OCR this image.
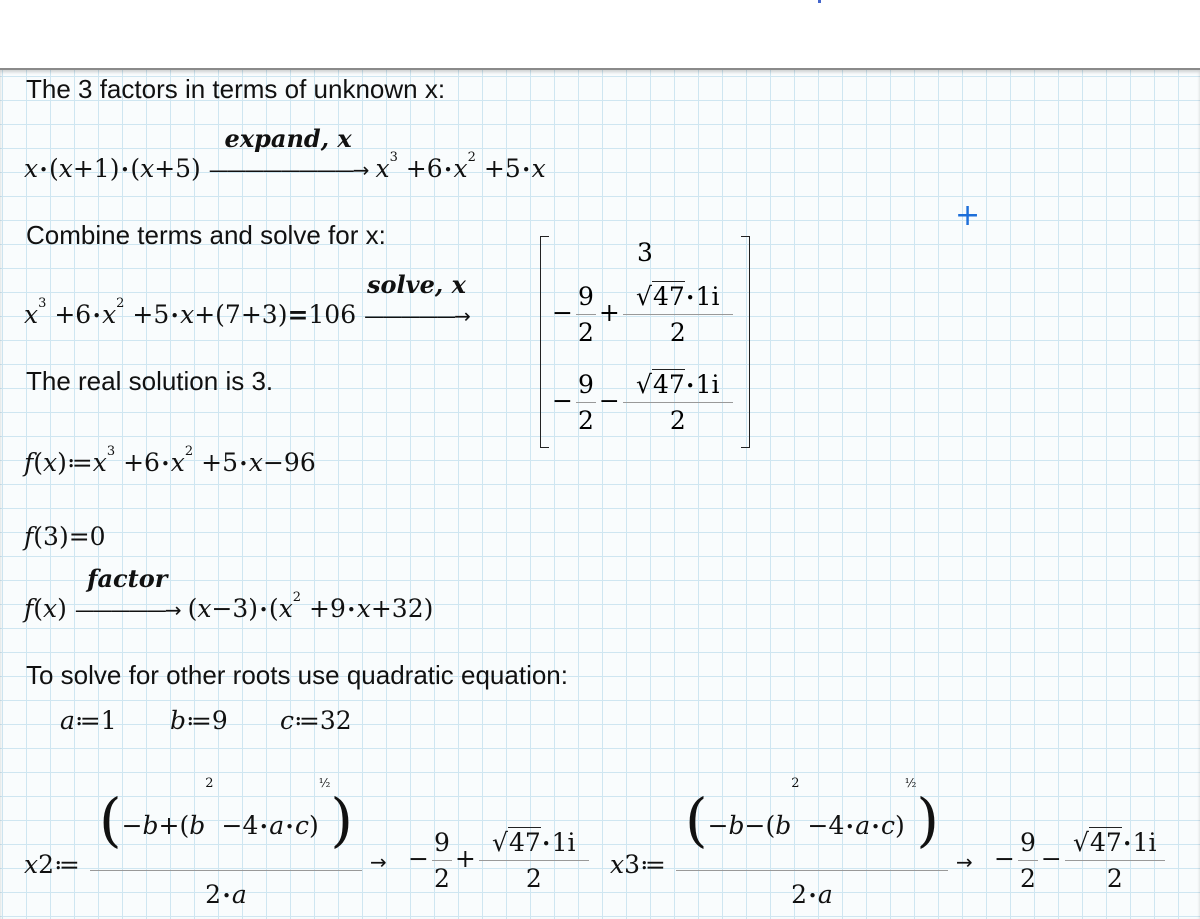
The 3 factors in terms of unknown x:
x•(x+1)•(x+5)
expand, x
————————→ $x^3$ $+6•x^2$ +5•x
Combine terms and solve for x:
$x^3$ $+6•x^2$ +5•x+(7+3)=106
solve, x
—————→
3
− $\frac{9}{2} + \frac{√47•1i}{2}$
− $\frac{9}{2} - \frac{√47•1i}{2}$
The real solution is 3.
$f(x)≔x^3$ $+6•x^2$ +5•x−96
f(3)=0
f(x)
factor
—————→ $(x-3)•(x^2$ +9•x+32)
To solve for other roots use quadratic equation:
a≔1 b≔9 c≔32
x2≔
($-b+(b^2$ −4•a•c)$^{\frac{1}{2}}$)
2•a
→ − $\frac{9}{2} + \frac{√47•1i}{2}$ x3≔
($-b-(b^2$ −4•a•c)$^{\frac{1}{2}}$)
2•a
→ − $\frac{9}{2} - \frac{√47•1i}{2}$
+
